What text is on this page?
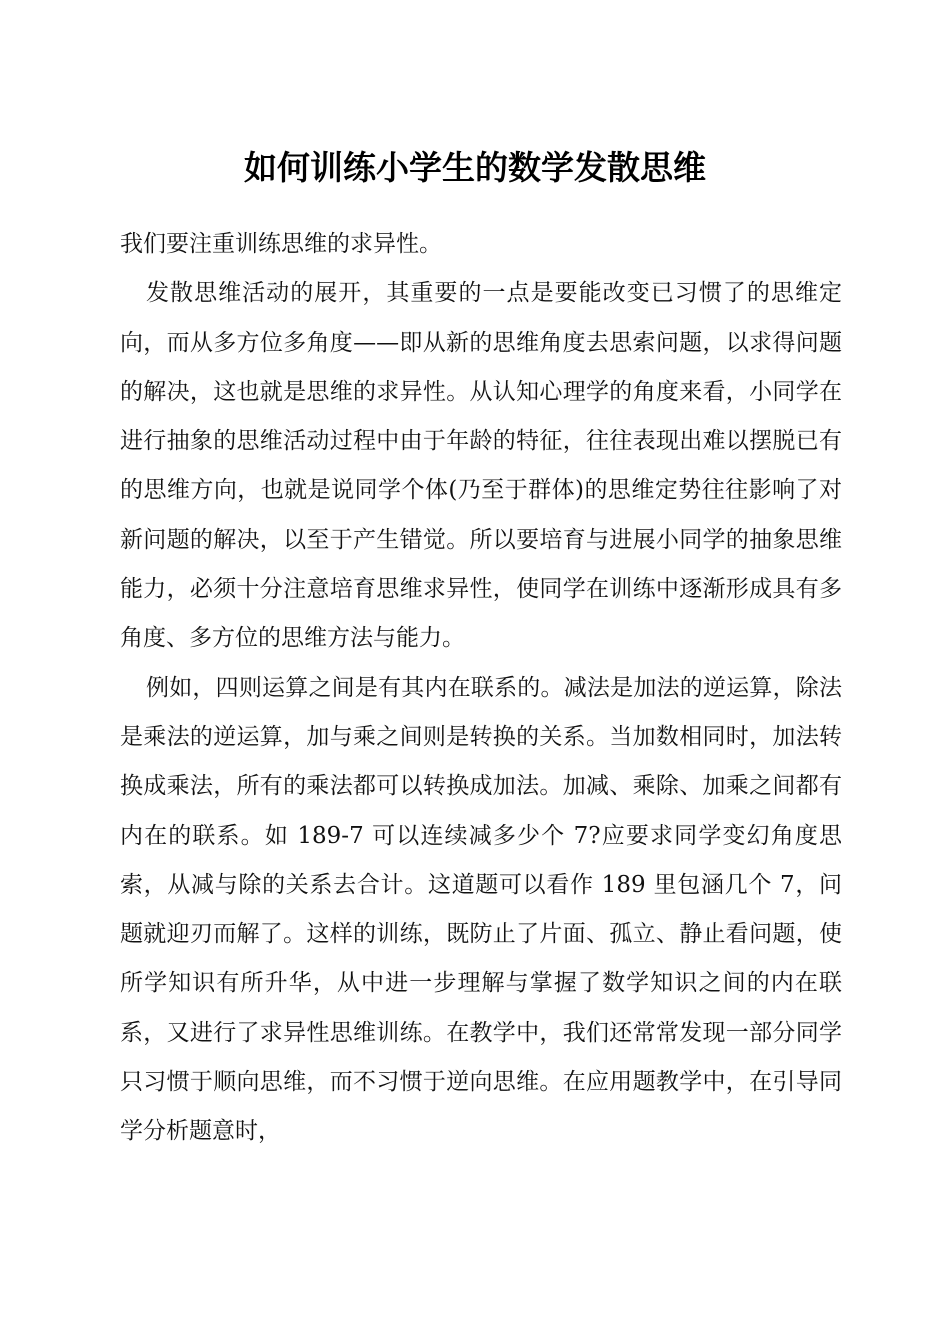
如何训练小学生的数学发散思维

我们要注重训练思维的求异性。

发散思维活动的展开，其重要的一点是要能改变已习惯了的思维定向，而从多方位多角度——即从新的思维角度去思索问题，以求得问题的解决，这也就是思维的求异性。从认知心理学的角度来看，小同学在进行抽象的思维活动过程中由于年龄的特征，往往表现出难以摆脱已有的思维方向，也就是说同学个体(乃至于群体)的思维定势往往影响了对新问题的解决，以至于产生错觉。所以要培育与进展小同学的抽象思维能力，必须十分注意培育思维求异性，使同学在训练中逐渐形成具有多角度、多方位的思维方法与能力。

例如，四则运算之间是有其内在联系的。减法是加法的逆运算，除法是乘法的逆运算，加与乘之间则是转换的关系。当加数相同时，加法转换成乘法，所有的乘法都可以转换成加法。加减、乘除、加乘之间都有内在的联系。如 189-7 可以连续减多少个 7?应要求同学变幻角度思索，从减与除的关系去合计。这道题可以看作 189 里包涵几个 7，问题就迎刃而解了。这样的训练，既防止了片面、孤立、静止看问题，使所学知识有所升华，从中进一步理解与掌握了数学知识之间的内在联系，又进行了求异性思维训练。在教学中，我们还常常发现一部分同学只习惯于顺向思维，而不习惯于逆向思维。在应用题教学中，在引导同学分析题意时，
